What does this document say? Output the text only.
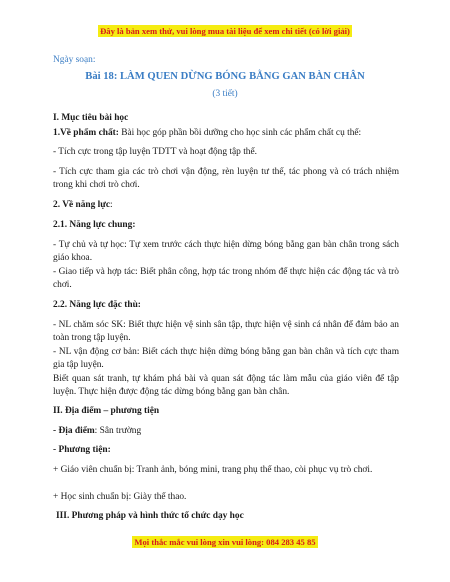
Đây là bản xem thử, vui lòng mua tài liệu để xem chi tiết (có lời giải)
Ngày soạn:
Bài 18: LÀM QUEN DỪNG BÓNG BẰNG GAN BÀN CHÂN
(3 tiết)
I. Mục tiêu bài học
1.Về phẩm chất: Bài học góp phần bồi dưỡng cho học sinh các phẩm chất cụ thể:
- Tích cực trong tập luyện TDTT và hoạt động tập thể.
- Tích cực tham gia các trò chơi vận động, rèn luyện tư thế, tác phong và có trách nhiệm trong khi chơi trò chơi.
2. Về năng lực:
2.1. Năng lực chung:
- Tự chủ và tự học: Tự xem trước cách thực hiện dừng bóng bằng gan bàn chân trong sách giáo khoa.
- Giao tiếp và hợp tác: Biết phân công, hợp tác trong nhóm để thực hiện các động tác và trò chơi.
2.2. Năng lực đặc thù:
- NL chăm sóc SK: Biết thực hiện vệ sinh sân tập, thực hiện vệ sinh cá nhân để đảm bảo an toàn trong tập luyện.
- NL vận động cơ bản: Biết cách thực hiện dừng bóng bằng gan bàn chân và tích cực tham gia tập luyện.
Biết quan sát tranh, tự khám phá bài và quan sát động tác làm mẫu của giáo viên để tập luyện. Thực hiện được động tác dừng bóng bằng gan bàn chân.
II. Địa điểm – phương tiện
- Địa điểm: Sân trường
- Phương tiện:
+ Giáo viên chuẩn bị: Tranh ảnh, bóng mini, trang phụ thể thao, còi phục vụ trò chơi.
+ Học sinh chuẩn bị: Giày thể thao.
III. Phương pháp và hình thức tổ chức dạy học
Mọi thắc mắc vui lòng xin vui lòng: 084 283 45 85
